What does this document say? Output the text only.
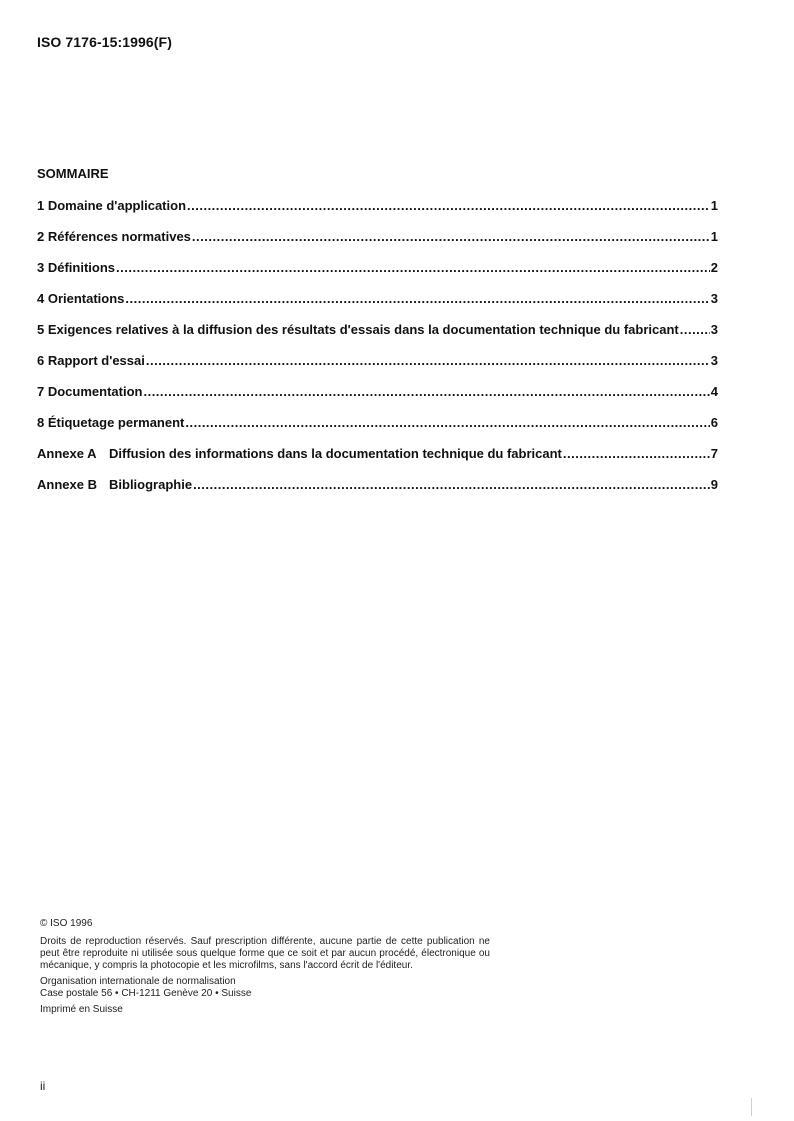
ISO 7176-15:1996(F)
SOMMAIRE
1 Domaine d'application .....	1
2 Références normatives .....	1
3 Définitions .....	2
4 Orientations .....	3
5 Exigences relatives à la diffusion des résultats d'essais dans la documentation technique du fabricant ..... 3
6 Rapport d'essai .....	3
7 Documentation .....	4
8 Étiquetage permanent .....	6
Annexe A Diffusion des informations dans la documentation technique du fabricant .....	7
Annexe B Bibliographie .....	9

© ISO 1996

Droits de reproduction réservés. Sauf prescription différente, aucune partie de cette publication ne peut être reproduite ni utilisée sous quelque forme que ce soit et par aucun procédé, électronique ou mécanique, y compris la photocopie et les microfilms, sans l'accord écrit de l'éditeur.

Organisation internationale de normalisation

Case postale 56 • CH-1211 Genève 20 • Suisse

Imprimé en Suisse

ii
